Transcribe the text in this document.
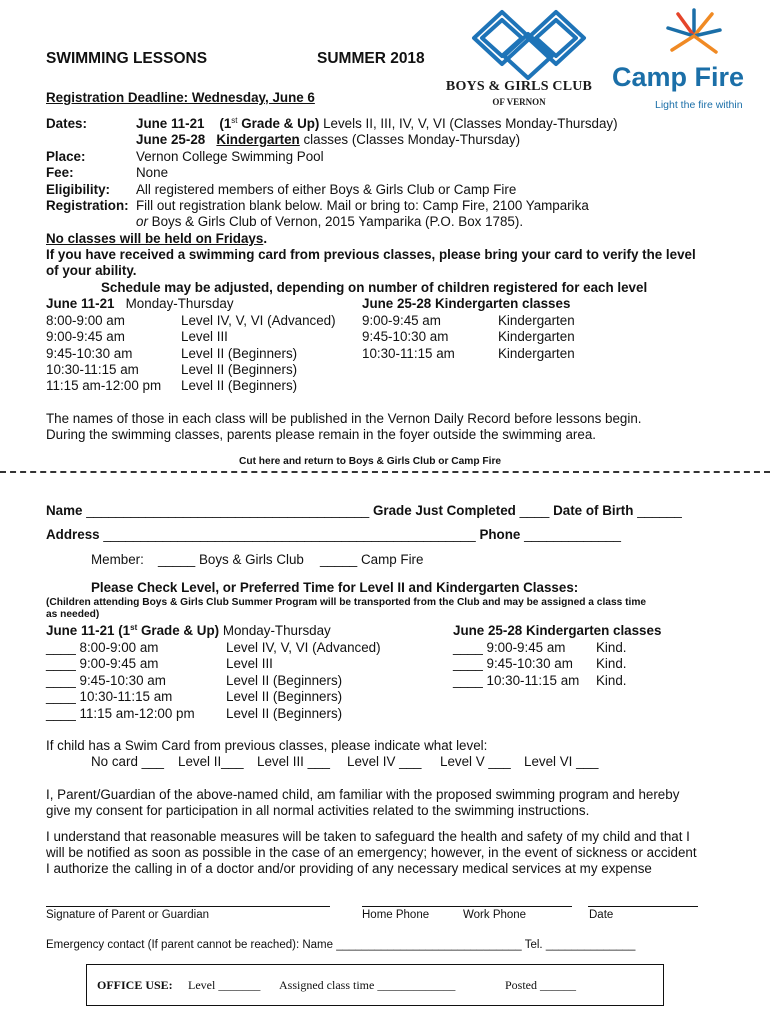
SWIMMING LESSONS	SUMMER 2018
Registration Deadline: Wednesday, June 6
BOYS & GIRLS CLUB
OF VERNON
Camp Fire
Light the fire within
Dates:	June 11-21 (1st Grade & Up) Levels II, III, IV, V, VI (Classes Monday-Thursday)
June 25-28 Kindergarten classes (Classes Monday-Thursday)
Place:	Vernon College Swimming Pool
Fee:	None
Eligibility: All registered members of either Boys & Girls Club or Camp Fire
Registration: Fill out registration blank below. Mail or bring to: Camp Fire, 2100 Yamparika
or Boys & Girls Club of Vernon, 2015 Yamparika (P.O. Box 1785).
No classes will be held on Fridays.
If you have received a swimming card from previous classes, please bring your card to verify the level
of your ability.
Schedule may be adjusted, depending on number of children registered for each level
June 11-21 Monday-Thursday	June 25-28 Kindergarten classes
8:00-9:00 am	Level IV, V, VI (Advanced)
9:00-9:45 am	Level III
9:45-10:30 am	Level II (Beginners)
10:30-11:15 am	Level II (Beginners)
11:15 am-12:00 pm Level II (Beginners)
9:00-9:45 am	Kindergarten
9:45-10:30 am	Kindergarten
10:30-11:15 am	Kindergarten
The names of those in each class will be published in the Vernon Daily Record before lessons begin.
During the swimming classes, parents please remain in the foyer outside the swimming area.
Cut here and return to Boys & Girls Club or Camp Fire
Name ______________________________________ Grade Just Completed ____ Date of Birth ______
Address __________________________________________________ Phone _____________
Member: _____ Boys & Girls Club _____ Camp Fire
Please Check Level, or Preferred Time for Level II and Kindergarten Classes:
(Children attending Boys & Girls Club Summer Program will be transported from the Club and may be assigned a class time
as needed)
June 11-21 (1st Grade & Up) Monday-Thursday	June 25-28 Kindergarten classes
____ 8:00-9:00 am	Level IV, V, VI (Advanced)
____ 9:00-9:45 am	Level III
____ 9:45-10:30 am	Level II (Beginners)
____ 10:30-11:15 am	Level II (Beginners)
____ 11:15 am-12:00 pm Level II (Beginners)
____ 9:00-9:45 am Kind.
____ 9:45-10:30 am Kind.
____ 10:30-11:15 am Kind.
If child has a Swim Card from previous classes, please indicate what level:
No card ___ Level II___ Level III ___ Level IV ___ Level V ___ Level VI ___
I, Parent/Guardian of the above-named child, am familiar with the proposed swimming program and hereby
give my consent for participation in all normal activities related to the swimming instructions.
I understand that reasonable measures will be taken to safeguard the health and safety of my child and that I
will be notified as soon as possible in the case of an emergency; however, in the event of sickness or accident
I authorize the calling in of a doctor and/or providing of any necessary medical services at my expense
Signature of Parent or Guardian	Home Phone	Work Phone	Date
Emergency contact (If parent cannot be reached): Name _____________________________ Tel. ______________
OFFICE USE: Level _______ Assigned class time _____________	Posted ______
